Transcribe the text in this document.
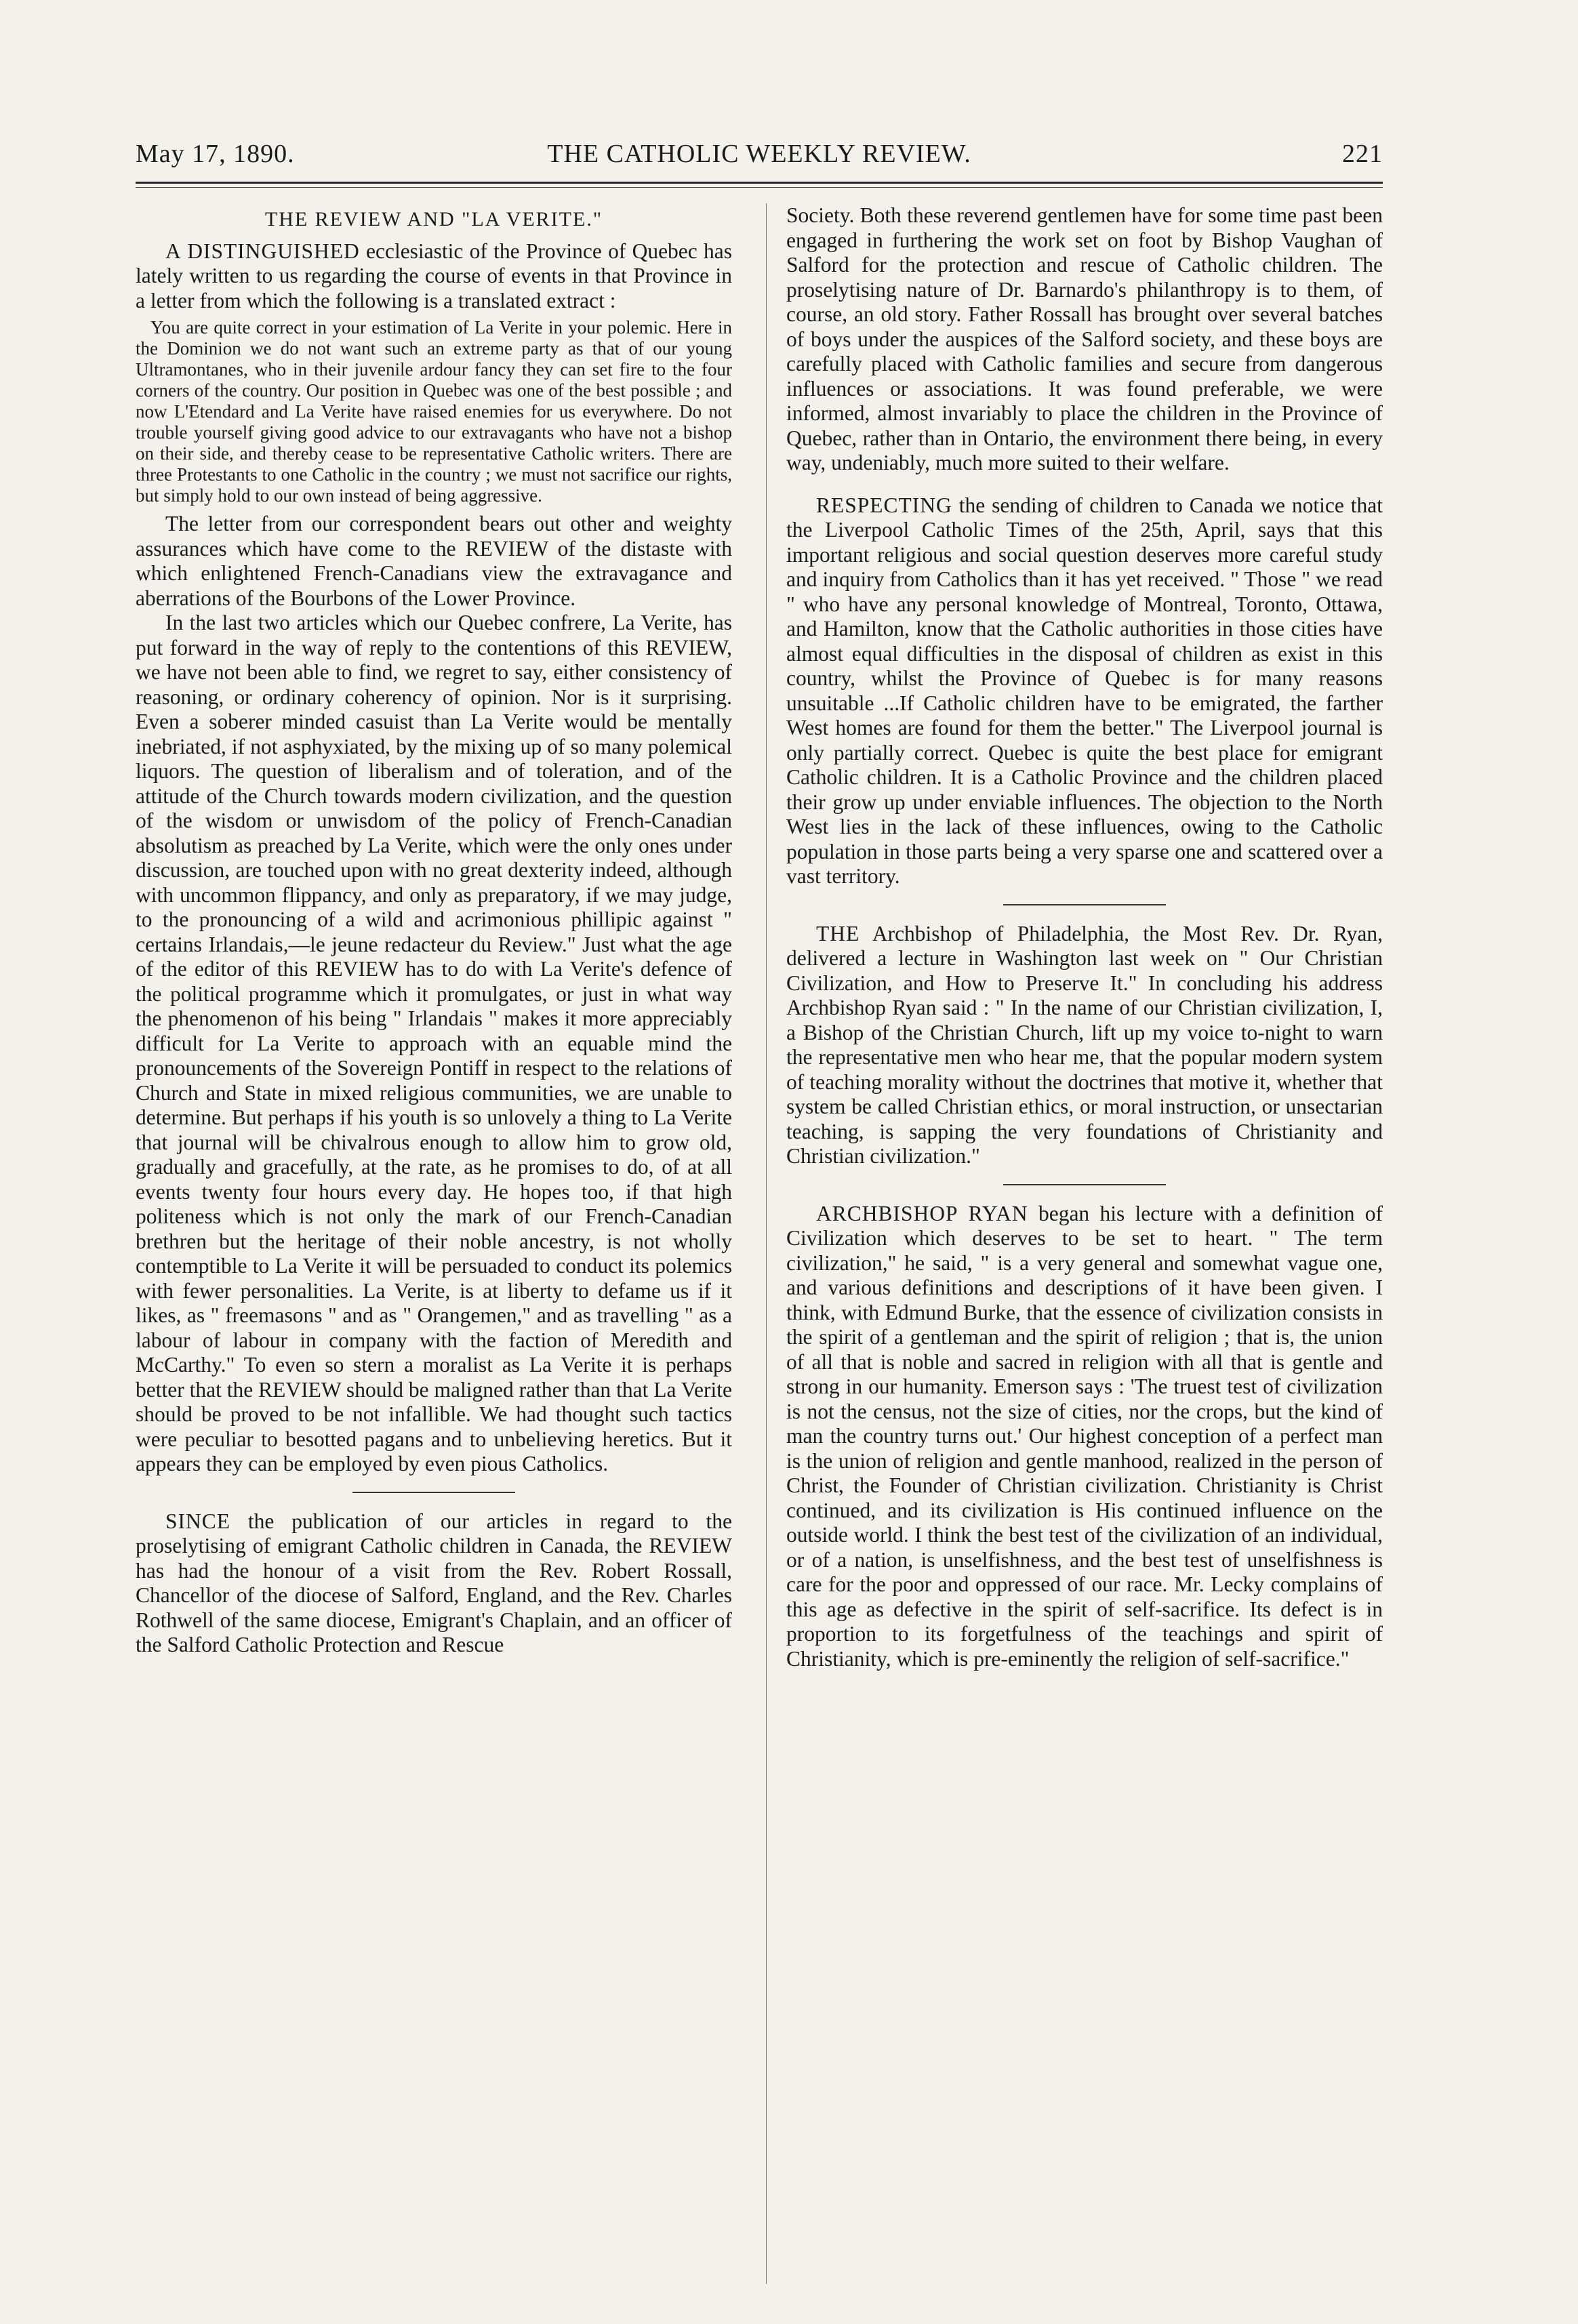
May 17, 1890.	THE CATHOLIC WEEKLY REVIEW.	221
THE REVIEW AND "LA VERITE."

A DISTINGUISHED ecclesiastic of the Province of Quebec has lately written to us regarding the course of events in that Province in a letter from which the following is a translated extract :

You are quite correct in your estimation of La Verite in your polemic. Here in the Dominion we do not want such an extreme party as that of our young Ultramontanes, who in their juvenile ardour fancy they can set fire to the four corners of the country. Our position in Quebec was one of the best possible ; and now L'Etendard and La Verite have raised enemies for us everywhere. Do not trouble yourself giving good advice to our extravagants who have not a bishop on their side, and thereby cease to be representative Catholic writers. There are three Protestants to one Catholic in the country ; we must not sacrifice our rights, but simply hold to our own instead of being aggressive.

The letter from our correspondent bears out other and weighty assurances which have come to the REVIEW of the distaste with which enlightened French-Canadians view the extravagance and aberrations of the Bourbons of the Lower Province.

In the last two articles which our Quebec confrere, La Verite, has put forward in the way of reply to the contentions of this REVIEW, we have not been able to find, we regret to say, either consistency of reasoning, or ordinary coherency of opinion. Nor is it surprising. Even a soberer minded casuist than La Verite would be mentally inebriated, if not asphyxiated, by the mixing up of so many polemical liquors. The question of liberalism and of toleration, and of the attitude of the Church towards modern civilization, and the question of the wisdom or unwisdom of the policy of French-Canadian absolutism as preached by La Verite, which were the only ones under discussion, are touched upon with no great dexterity indeed, although with uncommon flippancy, and only as preparatory, if we may judge, to the pronouncing of a wild and acrimonious phillipic against " certains Irlandais,—le jeune redacteur du Review." Just what the age of the editor of this REVIEW has to do with La Verite's defence of the political programme which it promulgates, or just in what way the phenomenon of his being " Irlandais " makes it more appreciably difficult for La Verite to approach with an equable mind the pronouncements of the Sovereign Pontiff in respect to the relations of Church and State in mixed religious communities, we are unable to determine. But perhaps if his youth is so unlovely a thing to La Verite that journal will be chivalrous enough to allow him to grow old, gradually and gracefully, at the rate, as he promises to do, of at all events twenty four hours every day. He hopes too, if that high politeness which is not only the mark of our French-Canadian brethren but the heritage of their noble ancestry, is not wholly contemptible to La Verite it will be persuaded to conduct its polemics with fewer personalities. La Verite, is at liberty to defame us if it likes, as " freemasons " and as " Orangemen," and as travelling " as a labour of labour in company with the faction of Meredith and McCarthy." To even so stern a moralist as La Verite it is perhaps better that the REVIEW should be maligned rather than that La Verite should be proved to be not infallible. We had thought such tactics were peculiar to besotted pagans and to unbelieving heretics. But it appears they can be employed by even pious Catholics.

SINCE the publication of our articles in regard to the proselytising of emigrant Catholic children in Canada, the REVIEW has had the honour of a visit from the Rev. Robert Rossall, Chancellor of the diocese of Salford, England, and the Rev. Charles Rothwell of the same diocese, Emigrant's Chaplain, and an officer of the Salford Catholic Protection and Rescue

Society. Both these reverend gentlemen have for some time past been engaged in furthering the work set on foot by Bishop Vaughan of Salford for the protection and rescue of Catholic children. The proselytising nature of Dr. Barnardo's philanthropy is to them, of course, an old story. Father Rossall has brought over several batches of boys under the auspices of the Salford society, and these boys are carefully placed with Catholic families and secure from dangerous influences or associations. It was found preferable, we were informed, almost invariably to place the children in the Province of Quebec, rather than in Ontario, the environment there being, in every way, undeniably, much more suited to their welfare.

RESPECTING the sending of children to Canada we notice that the Liverpool Catholic Times of the 25th, April, says that this important religious and social question deserves more careful study and inquiry from Catholics than it has yet received. " Those " we read " who have any personal knowledge of Montreal, Toronto, Ottawa, and Hamilton, know that the Catholic authorities in those cities have almost equal difficulties in the disposal of children as exist in this country, whilst the Province of Quebec is for many reasons unsuitable ...If Catholic children have to be emigrated, the farther West homes are found for them the better." The Liverpool journal is only partially correct. Quebec is quite the best place for emigrant Catholic children. It is a Catholic Province and the children placed their grow up under enviable influences. The objection to the North West lies in the lack of these influences, owing to the Catholic population in those parts being a very sparse one and scattered over a vast territory.

THE Archbishop of Philadelphia, the Most Rev. Dr. Ryan, delivered a lecture in Washington last week on " Our Christian Civilization, and How to Preserve It." In concluding his address Archbishop Ryan said : " In the name of our Christian civilization, I, a Bishop of the Christian Church, lift up my voice to-night to warn the representative men who hear me, that the popular modern system of teaching morality without the doctrines that motive it, whether that system be called Christian ethics, or moral instruction, or unsectarian teaching, is sapping the very foundations of Christianity and Christian civilization."

ARCHBISHOP RYAN began his lecture with a definition of Civilization which deserves to be set to heart. " The term civilization," he said, " is a very general and somewhat vague one, and various definitions and descriptions of it have been given. I think, with Edmund Burke, that the essence of civilization consists in the spirit of a gentleman and the spirit of religion ; that is, the union of all that is noble and sacred in religion with all that is gentle and strong in our humanity. Emerson says : 'The truest test of civilization is not the census, not the size of cities, nor the crops, but the kind of man the country turns out.' Our highest conception of a perfect man is the union of religion and gentle manhood, realized in the person of Christ, the Founder of Christian civilization. Christianity is Christ continued, and its civilization is His continued influence on the outside world. I think the best test of the civilization of an individual, or of a nation, is unselfishness, and the best test of unselfishness is care for the poor and oppressed of our race. Mr. Lecky complains of this age as defective in the spirit of self-sacrifice. Its defect is in proportion to its forgetfulness of the teachings and spirit of Christianity, which is pre-eminently the religion of self-sacrifice."
